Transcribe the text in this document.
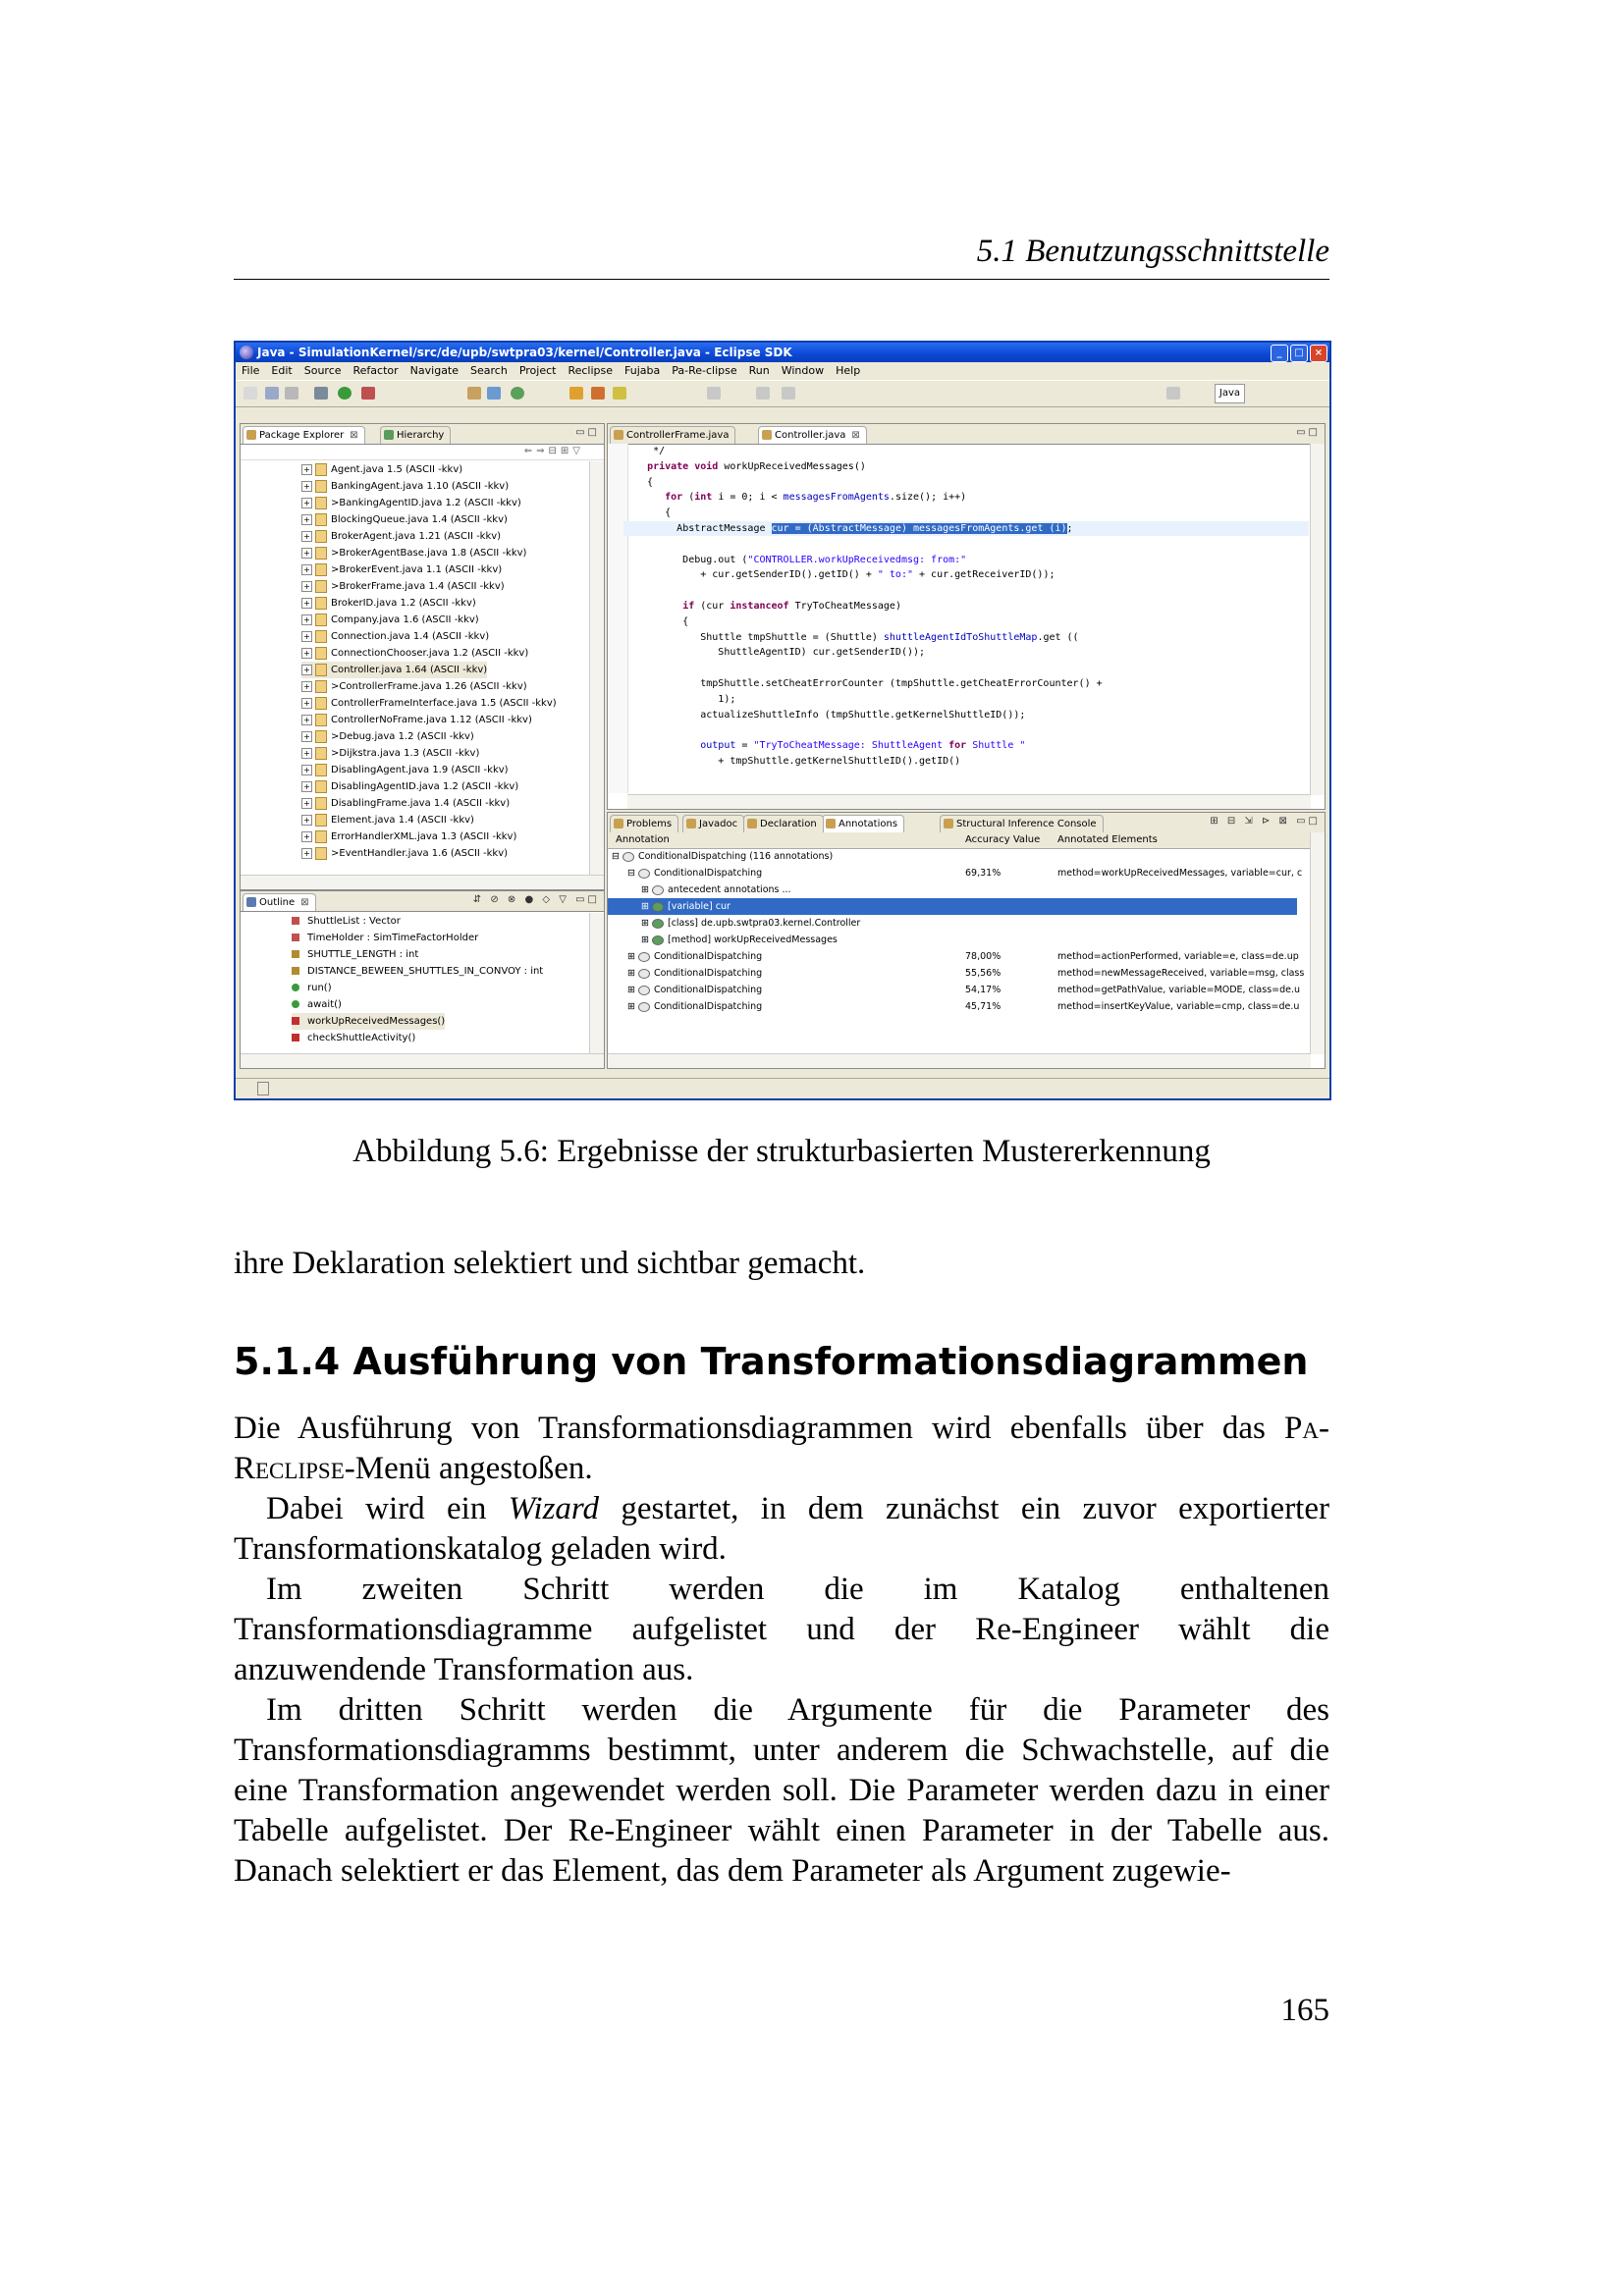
5.1 Benutzungsschnittstelle
Java - SimulationKernel/src/de/upb/swtpra03/kernel/Controller.java - Eclipse SDK	_	□	×
File Edit Source Refactor Navigate Search Project Reclipse Fujaba Pa-Re-clipse Run Window Help
Java
Package Explorer ⊠	Hierarchy	▭□
⇐⇒⊟⊞▽
+ Agent.java 1.5 (ASCII -kkv)
+ BankingAgent.java 1.10 (ASCII -kkv)
+ >BankingAgentID.java 1.2 (ASCII -kkv)
+ BlockingQueue.java 1.4 (ASCII -kkv)
+ BrokerAgent.java 1.21 (ASCII -kkv)
+ >BrokerAgentBase.java 1.8 (ASCII -kkv)
+ >BrokerEvent.java 1.1 (ASCII -kkv)
+ >BrokerFrame.java 1.4 (ASCII -kkv)
+ BrokerID.java 1.2 (ASCII -kkv)
+ Company.java 1.6 (ASCII -kkv)
+ Connection.java 1.4 (ASCII -kkv)
+ ConnectionChooser.java 1.2 (ASCII -kkv)
+ Controller.java 1.64 (ASCII -kkv)
+ >ControllerFrame.java 1.26 (ASCII -kkv)
+ ControllerFrameInterface.java 1.5 (ASCII -kkv)
+ ControllerNoFrame.java 1.12 (ASCII -kkv)
+ >Debug.java 1.2 (ASCII -kkv)
+ >Dijkstra.java 1.3 (ASCII -kkv)
+ DisablingAgent.java 1.9 (ASCII -kkv)
+ DisablingAgentID.java 1.2 (ASCII -kkv)
+ DisablingFrame.java 1.4 (ASCII -kkv)
+ Element.java 1.4 (ASCII -kkv)
+ ErrorHandlerXML.java 1.3 (ASCII -kkv)
+ >EventHandler.java 1.6 (ASCII -kkv)
Outline ⊠	⇵ ⊘ ⊗ ● ◇ ▽ ▭□
ShuttleList : Vector
TimeHolder : SimTimeFactorHolder
SHUTTLE_LENGTH : int
DISTANCE_BEWEEN_SHUTTLES_IN_CONVOY : int
run()
await()
workUpReceivedMessages()
checkShuttleActivity()
ControllerFrame.java	Controller.java ⊠	▭□
*/
private void workUpReceivedMessages()
{
for (int i = 0; i < messagesFromAgents.size(); i++)
{
AbstractMessage cur = (AbstractMessage) messagesFromAgents.get (i);
Debug.out ("CONTROLLER.workUpReceivedmsg: from:"
+ cur.getSenderID().getID() + " to:" + cur.getReceiverID());
if (cur instanceof TryToCheatMessage)
{
Shuttle tmpShuttle = (Shuttle) shuttleAgentIdToShuttleMap.get ((
ShuttleAgentID) cur.getSenderID());
tmpShuttle.setCheatErrorCounter (tmpShuttle.getCheatErrorCounter() +
1);
actualizeShuttleInfo (tmpShuttle.getKernelShuttleID());
output = "TryToCheatMessage: ShuttleAgent for Shuttle "
+ tmpShuttle.getKernelShuttleID().getID()
Structural Inference Console
Annotations
Declaration
Javadoc
Problems	⊞ ⊟ ⇲ ⊳ ⊠ ▭□
Annotation	Accuracy Value Annotated Elements
⊟ ConditionalDispatching (116 annotations)
⊟ ConditionalDispatching	69,31%	method=workUpReceivedMessages, variable=cur, c
⊞ antecedent annotations ...
⊞ [variable] cur
⊞ [class] de.upb.swtpra03.kernel.Controller
⊞ [method] workUpReceivedMessages
⊞ ConditionalDispatching	78,00%	method=actionPerformed, variable=e, class=de.up
⊞ ConditionalDispatching	55,56%	method=newMessageReceived, variable=msg, class
⊞ ConditionalDispatching	54,17%	method=getPathValue, variable=MODE, class=de.u
⊞ ConditionalDispatching	45,71%	method=insertKeyValue, variable=cmp, class=de.u
Abbildung 5.6: Ergebnisse der strukturbasierten Mustererkennung

ihre Deklaration selektiert und sichtbar gemacht.

5.1.4 Ausführung von Transformationsdiagrammen

Die Ausführung von Transformationsdiagrammen wird ebenfalls über das Pa-Reclipse-Menü angestoßen.

Dabei wird ein Wizard gestartet, in dem zunächst ein zuvor exportierter Transformationskatalog geladen wird.

Im zweiten Schritt werden die im Katalog enthaltenen Transformationsdiagramme aufgelistet und der Re-Engineer wählt die anzuwendende Transformation aus.

Im dritten Schritt werden die Argumente für die Parameter des Transformationsdiagramms bestimmt, unter anderem die Schwachstelle, auf die eine Transformation angewendet werden soll. Die Parameter werden dazu in einer Tabelle aufgelistet. Der Re-Engineer wählt einen Parameter in der Tabelle aus. Danach selektiert er das Element, das dem Parameter als Argument zugewie-

165
